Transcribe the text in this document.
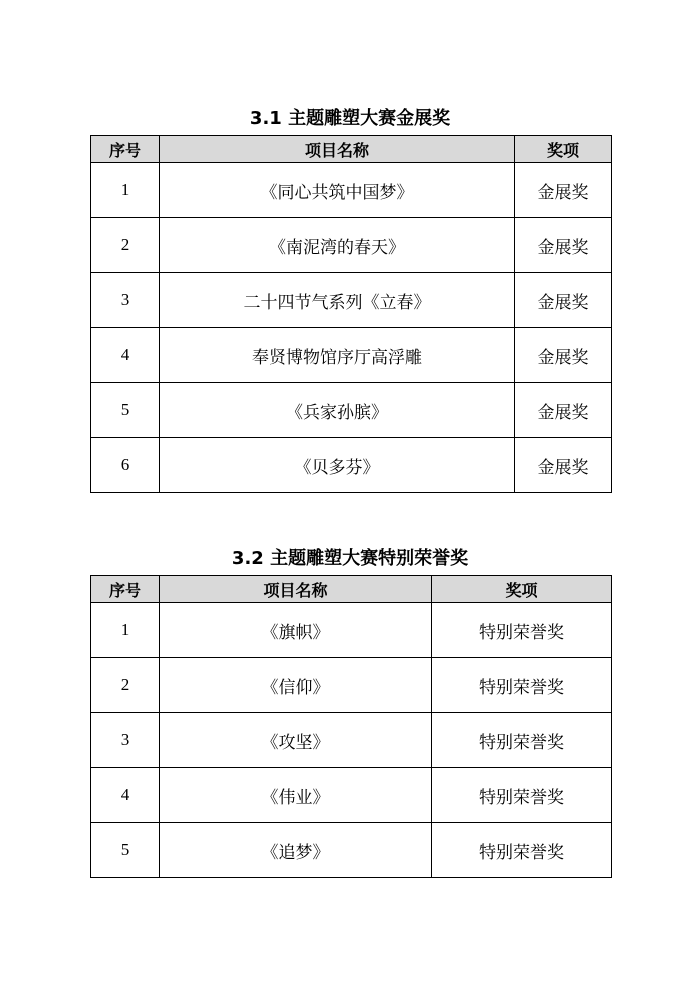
3.1 主题雕塑大赛金展奖
序号	项目名称	奖项
1	《同心共筑中国梦》	金展奖
2	《南泥湾的春天》	金展奖
3	二十四节气系列《立春》	金展奖
4	奉贤博物馆序厅高浮雕	金展奖
5	《兵家孙膑》	金展奖
6	《贝多芬》	金展奖
3.2 主题雕塑大赛特别荣誉奖
序号	项目名称	奖项
1	《旗帜》	特别荣誉奖
2	《信仰》	特别荣誉奖
3	《攻坚》	特别荣誉奖
4	《伟业》	特别荣誉奖
5	《追梦》	特别荣誉奖
